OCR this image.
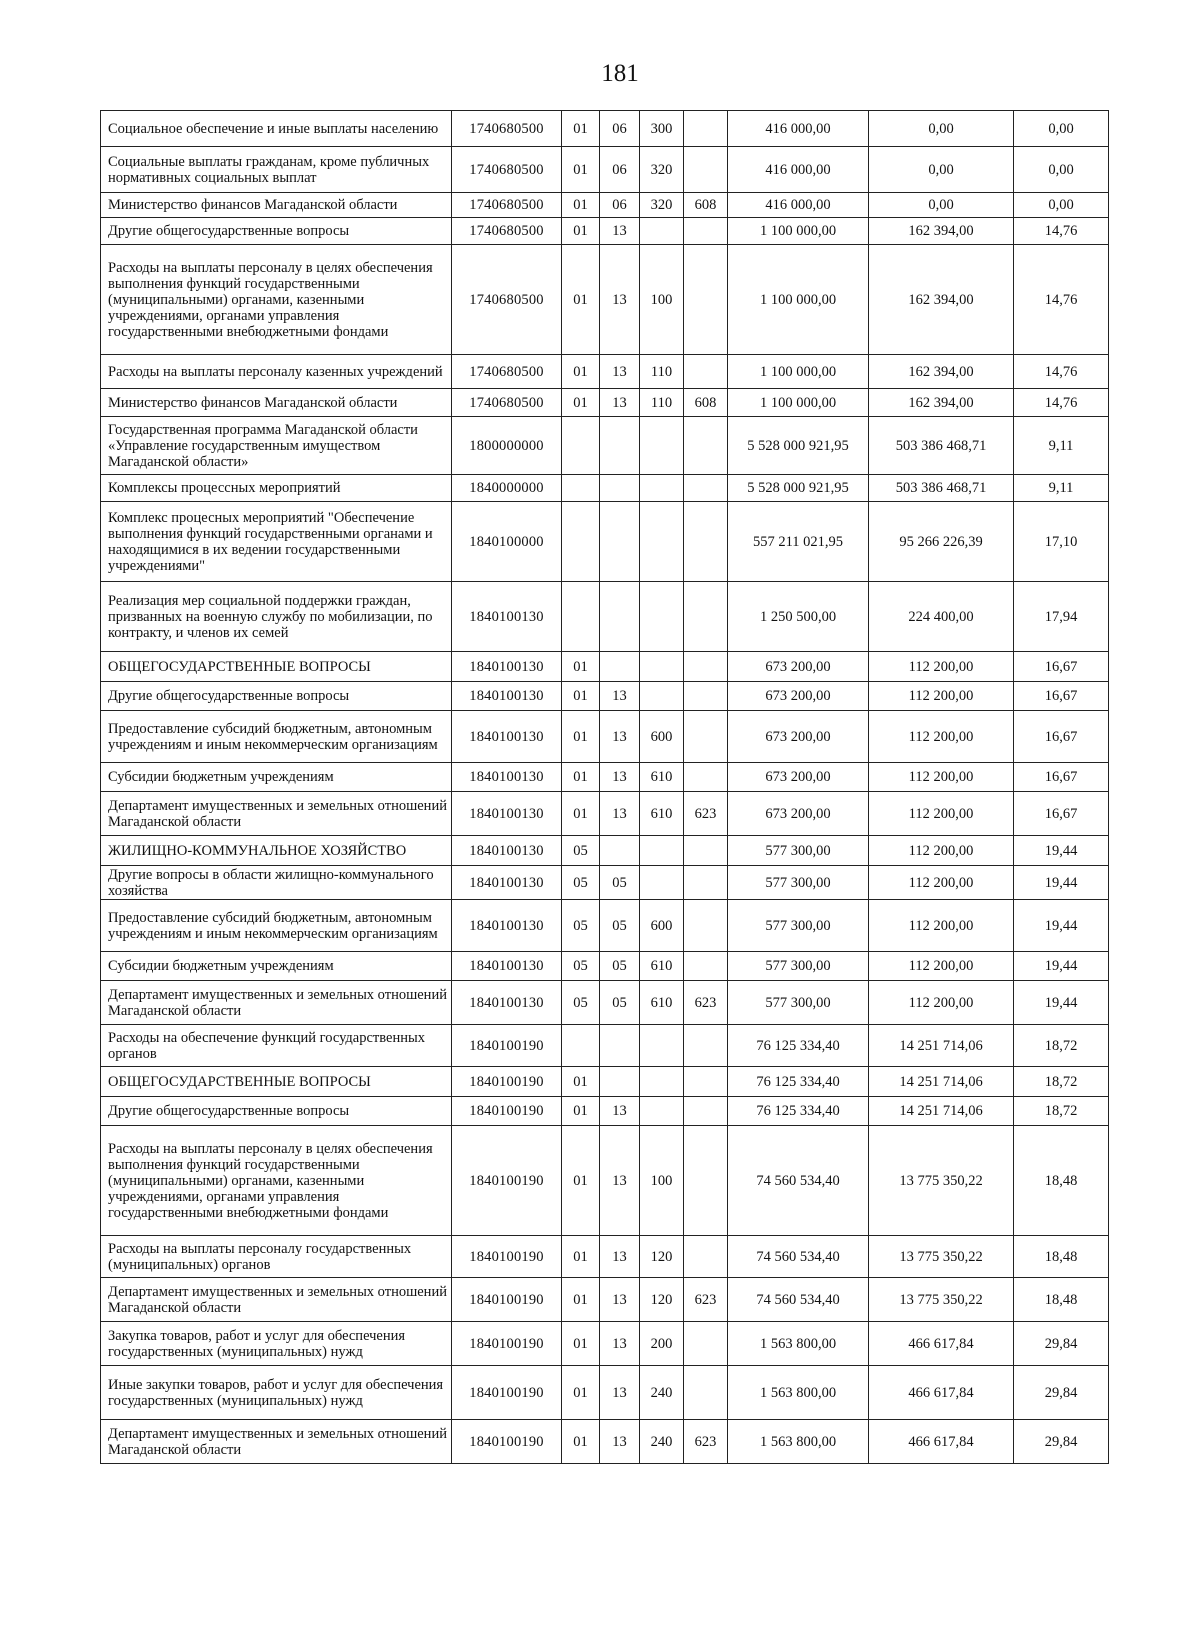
181
Социальное обеспечение и иные выплаты населению	1740680500	01	06	300		416 000,00	0,00	0,00
Социальные выплаты гражданам, кроме публичных нормативных социальных выплат	1740680500	01	06	320		416 000,00	0,00	0,00
Министерство финансов Магаданской области	1740680500	01	06	320	608	416 000,00	0,00	0,00
Другие общегосударственные вопросы	1740680500	01	13			1 100 000,00	162 394,00	14,76
Расходы на выплаты персоналу в целях обеспечения выполнения функций государственными (муниципальными) органами, казенными учреждениями, органами управления государственными внебюджетными фондами	1740680500	01	13	100		1 100 000,00	162 394,00	14,76
Расходы на выплаты персоналу казенных учреждений	1740680500	01	13	110		1 100 000,00	162 394,00	14,76
Министерство финансов Магаданской области	1740680500	01	13	110	608	1 100 000,00	162 394,00	14,76
Государственная программа Магаданской области «Управление государственным имуществом Магаданской области»	1800000000					5 528 000 921,95	503 386 468,71	9,11
Комплексы процессных мероприятий	1840000000					5 528 000 921,95	503 386 468,71	9,11
Комплекс процесных мероприятий "Обеспечение выполнения функций государственными органами и находящимися в их ведении государственными учреждениями"	1840100000					557 211 021,95	95 266 226,39	17,10
Реализация мер социальной поддержки граждан, призванных на военную службу по мобилизации, по контракту, и членов их семей	1840100130					1 250 500,00	224 400,00	17,94
ОБЩЕГОСУДАРСТВЕННЫЕ ВОПРОСЫ	1840100130	01				673 200,00	112 200,00	16,67
Другие общегосударственные вопросы	1840100130	01	13			673 200,00	112 200,00	16,67
Предоставление субсидий бюджетным, автономным учреждениям и иным некоммерческим организациям	1840100130	01	13	600		673 200,00	112 200,00	16,67
Субсидии бюджетным учреждениям	1840100130	01	13	610		673 200,00	112 200,00	16,67
Департамент имущественных и земельных отношений Магаданской области	1840100130	01	13	610	623	673 200,00	112 200,00	16,67
ЖИЛИЩНО-КОММУНАЛЬНОЕ ХОЗЯЙСТВО	1840100130	05				577 300,00	112 200,00	19,44
Другие вопросы в области жилищно-коммунального хозяйства	1840100130	05	05			577 300,00	112 200,00	19,44
Предоставление субсидий бюджетным, автономным учреждениям и иным некоммерческим организациям	1840100130	05	05	600		577 300,00	112 200,00	19,44
Субсидии бюджетным учреждениям	1840100130	05	05	610		577 300,00	112 200,00	19,44
Департамент имущественных и земельных отношений Магаданской области	1840100130	05	05	610	623	577 300,00	112 200,00	19,44
Расходы на обеспечение функций государственных органов	1840100190					76 125 334,40	14 251 714,06	18,72
ОБЩЕГОСУДАРСТВЕННЫЕ ВОПРОСЫ	1840100190	01				76 125 334,40	14 251 714,06	18,72
Другие общегосударственные вопросы	1840100190	01	13			76 125 334,40	14 251 714,06	18,72
Расходы на выплаты персоналу в целях обеспечения выполнения функций государственными (муниципальными) органами, казенными учреждениями, органами управления государственными внебюджетными фондами	1840100190	01	13	100		74 560 534,40	13 775 350,22	18,48
Расходы на выплаты персоналу государственных (муниципальных) органов	1840100190	01	13	120		74 560 534,40	13 775 350,22	18,48
Департамент имущественных и земельных отношений Магаданской области	1840100190	01	13	120	623	74 560 534,40	13 775 350,22	18,48
Закупка товаров, работ и услуг для обеспечения государственных (муниципальных) нужд	1840100190	01	13	200		1 563 800,00	466 617,84	29,84
Иные закупки товаров, работ и услуг для обеспечения государственных (муниципальных) нужд	1840100190	01	13	240		1 563 800,00	466 617,84	29,84
Департамент имущественных и земельных отношений Магаданской области	1840100190	01	13	240	623	1 563 800,00	466 617,84	29,84
